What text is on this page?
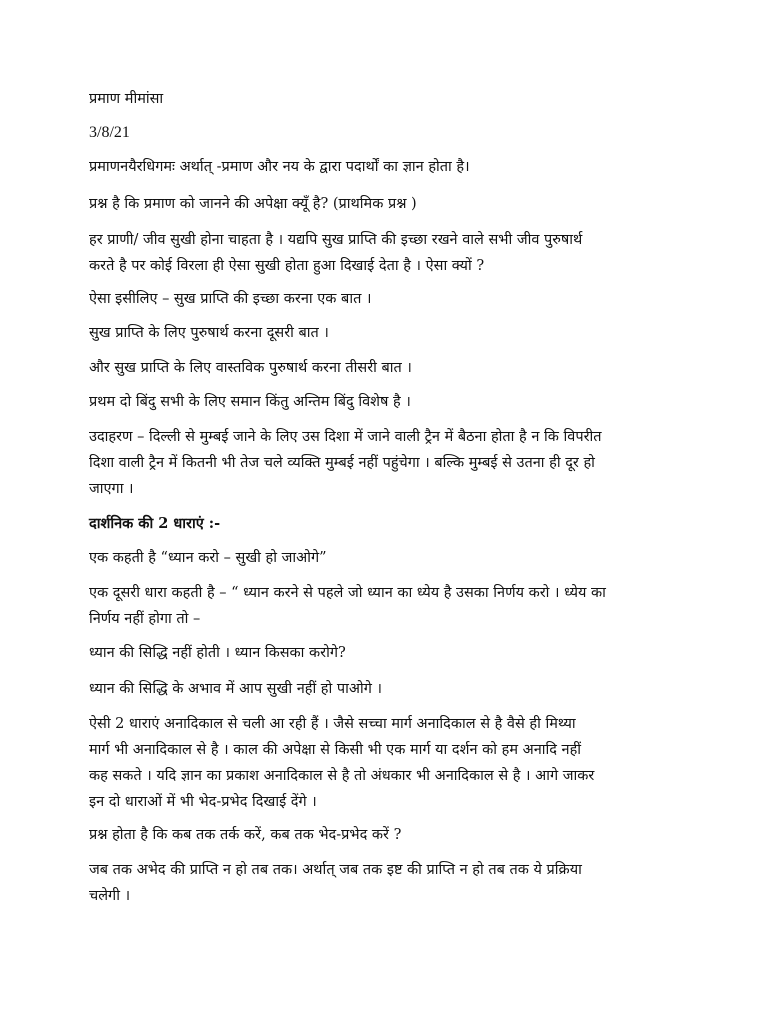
प्रमाण मीमांसा

3/8/21

प्रमाणनयैरधिगमः अर्थात् -प्रमाण और नय के द्वारा पदार्थों का ज्ञान होता है।

प्रश्न है कि प्रमाण को जानने की अपेक्षा क्यूँ है? (प्राथमिक प्रश्न )

हर प्राणी/ जीव सुखी होना चाहता है । यद्यपि सुख प्राप्ति की इच्छा रखने वाले सभी जीव पुरुषार्थ
करते है पर कोई विरला ही ऐसा सुखी होता हुआ दिखाई देता है । ऐसा क्यों ?

ऐसा इसीलिए – सुख प्राप्ति की इच्छा करना एक बात ।

सुख प्राप्ति के लिए पुरुषार्थ करना दूसरी बात ।

और सुख प्राप्ति के लिए वास्तविक पुरुषार्थ करना तीसरी बात ।

प्रथम दो बिंदु सभी के लिए समान किंतु अन्तिम बिंदु विशेष है ।

उदाहरण – दिल्ली से मुम्बई जाने के लिए उस दिशा में जाने वाली ट्रैन में बैठना होता है न कि विपरीत
दिशा वाली ट्रैन में कितनी भी तेज चले व्यक्ति मुम्बई नहीं पहुंचेगा । बल्कि मुम्बई से उतना ही दूर हो
जाएगा ।

दार्शनिक की 2 धाराएं :-

एक कहती है “ध्यान करो – सुखी हो जाओगे”

एक दूसरी धारा कहती है – “ ध्यान करने से पहले जो ध्यान का ध्येय है उसका निर्णय करो । ध्येय का
निर्णय नहीं होगा तो –

ध्यान की सिद्धि नहीं होती । ध्यान किसका करोगे?

ध्यान की सिद्धि के अभाव में आप सुखी नहीं हो पाओगे ।

ऐसी 2 धाराएं अनादिकाल से चली आ रही हैं । जैसे सच्चा मार्ग अनादिकाल से है वैसे ही मिथ्या
मार्ग भी अनादिकाल से है । काल की अपेक्षा से किसी भी एक मार्ग या दर्शन को हम अनादि नहीं
कह सकते । यदि ज्ञान का प्रकाश अनादिकाल से है तो अंधकार भी अनादिकाल से है । आगे जाकर
इन दो धाराओं में भी भेद-प्रभेद दिखाई देंगे ।

प्रश्न होता है कि कब तक तर्क करें, कब तक भेद-प्रभेद करें ?

जब तक अभेद की प्राप्ति न हो तब तक। अर्थात् जब तक इष्ट की प्राप्ति न हो तब तक ये प्रक्रिया
चलेगी ।
